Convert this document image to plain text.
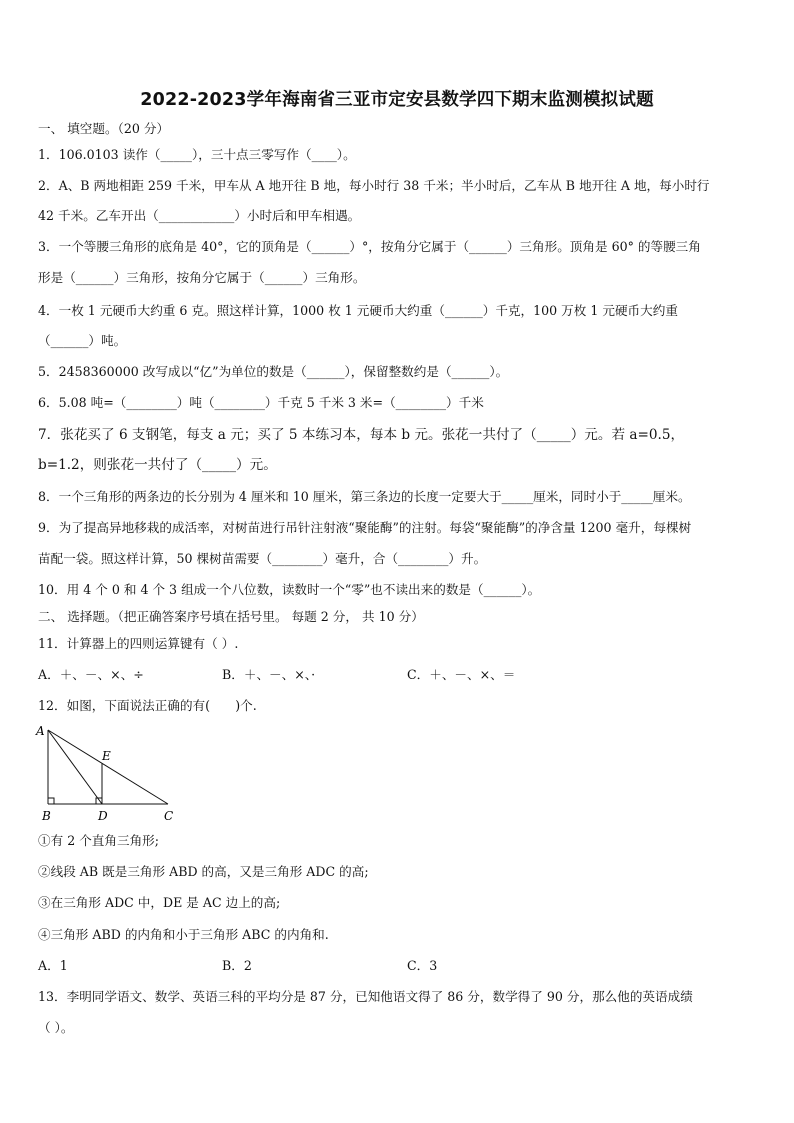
2022-2023学年海南省三亚市定安县数学四下期末监测模拟试题
一、 填空题。（20 分）
1．106.0103 读作（_____），三十点三零写作（____）。
2．A、B 两地相距 259 千米，甲车从 A 地开往 B 地，每小时行 38 千米；半小时后，乙车从 B 地开往 A 地，每小时行
42 千米。乙车开出（____________）小时后和甲车相遇。
3．一个等腰三角形的底角是 40°，它的顶角是（______）°，按角分它属于（______）三角形。顶角是 60° 的等腰三角
形是（______）三角形，按角分它属于（______）三角形。
4．一枚 1 元硬币大约重 6 克。照这样计算，1000 枚 1 元硬币大约重（______）千克，100 万枚 1 元硬币大约重
（______）吨。
5．2458360000 改写成以“亿”为单位的数是（______），保留整数约是（______）。
6．5.08 吨=（________）吨（________）千克 5 千米 3 米=（________）千米
7．张花买了 6 支钢笔，每支 a 元；买了 5 本练习本，每本 b 元。张花一共付了（_____）元。若 a=0.5，
b=1.2，则张花一共付了（_____）元。
8．一个三角形的两条边的长分别为 4 厘米和 10 厘米，第三条边的长度一定要大于_____厘米，同时小于_____厘米。
9．为了提高异地移栽的成活率，对树苗进行吊针注射液“聚能酶”的注射。每袋“聚能酶”的净含量 1200 毫升，每棵树
苗配一袋。照这样计算，50 棵树苗需要（________）毫升，合（________）升。
10．用 4 个 0 和 4 个 3 组成一个八位数，读数时一个“零”也不读出来的数是（______）。
二、 选择题。（把正确答案序号填在括号里。 每题 2 分， 共 10 分）
11．计算器上的四则运算键有（ ）.
A．＋、－、×、÷	B．＋、－、×、·	C．＋、－、×、＝
12．如图，下面说法正确的有(　　)个.
A
B	D	C
E
①有 2 个直角三角形;
②线段 AB 既是三角形 ABD 的高，又是三角形 ADC 的高;
③在三角形 ADC 中，DE 是 AC 边上的高;
④三角形 ABD 的内角和小于三角形 ABC 的内角和.
A．1	B．2	C．3
13．李明同学语文、数学、英语三科的平均分是 87 分，已知他语文得了 86 分，数学得了 90 分，那么他的英语成绩
（ ）。
